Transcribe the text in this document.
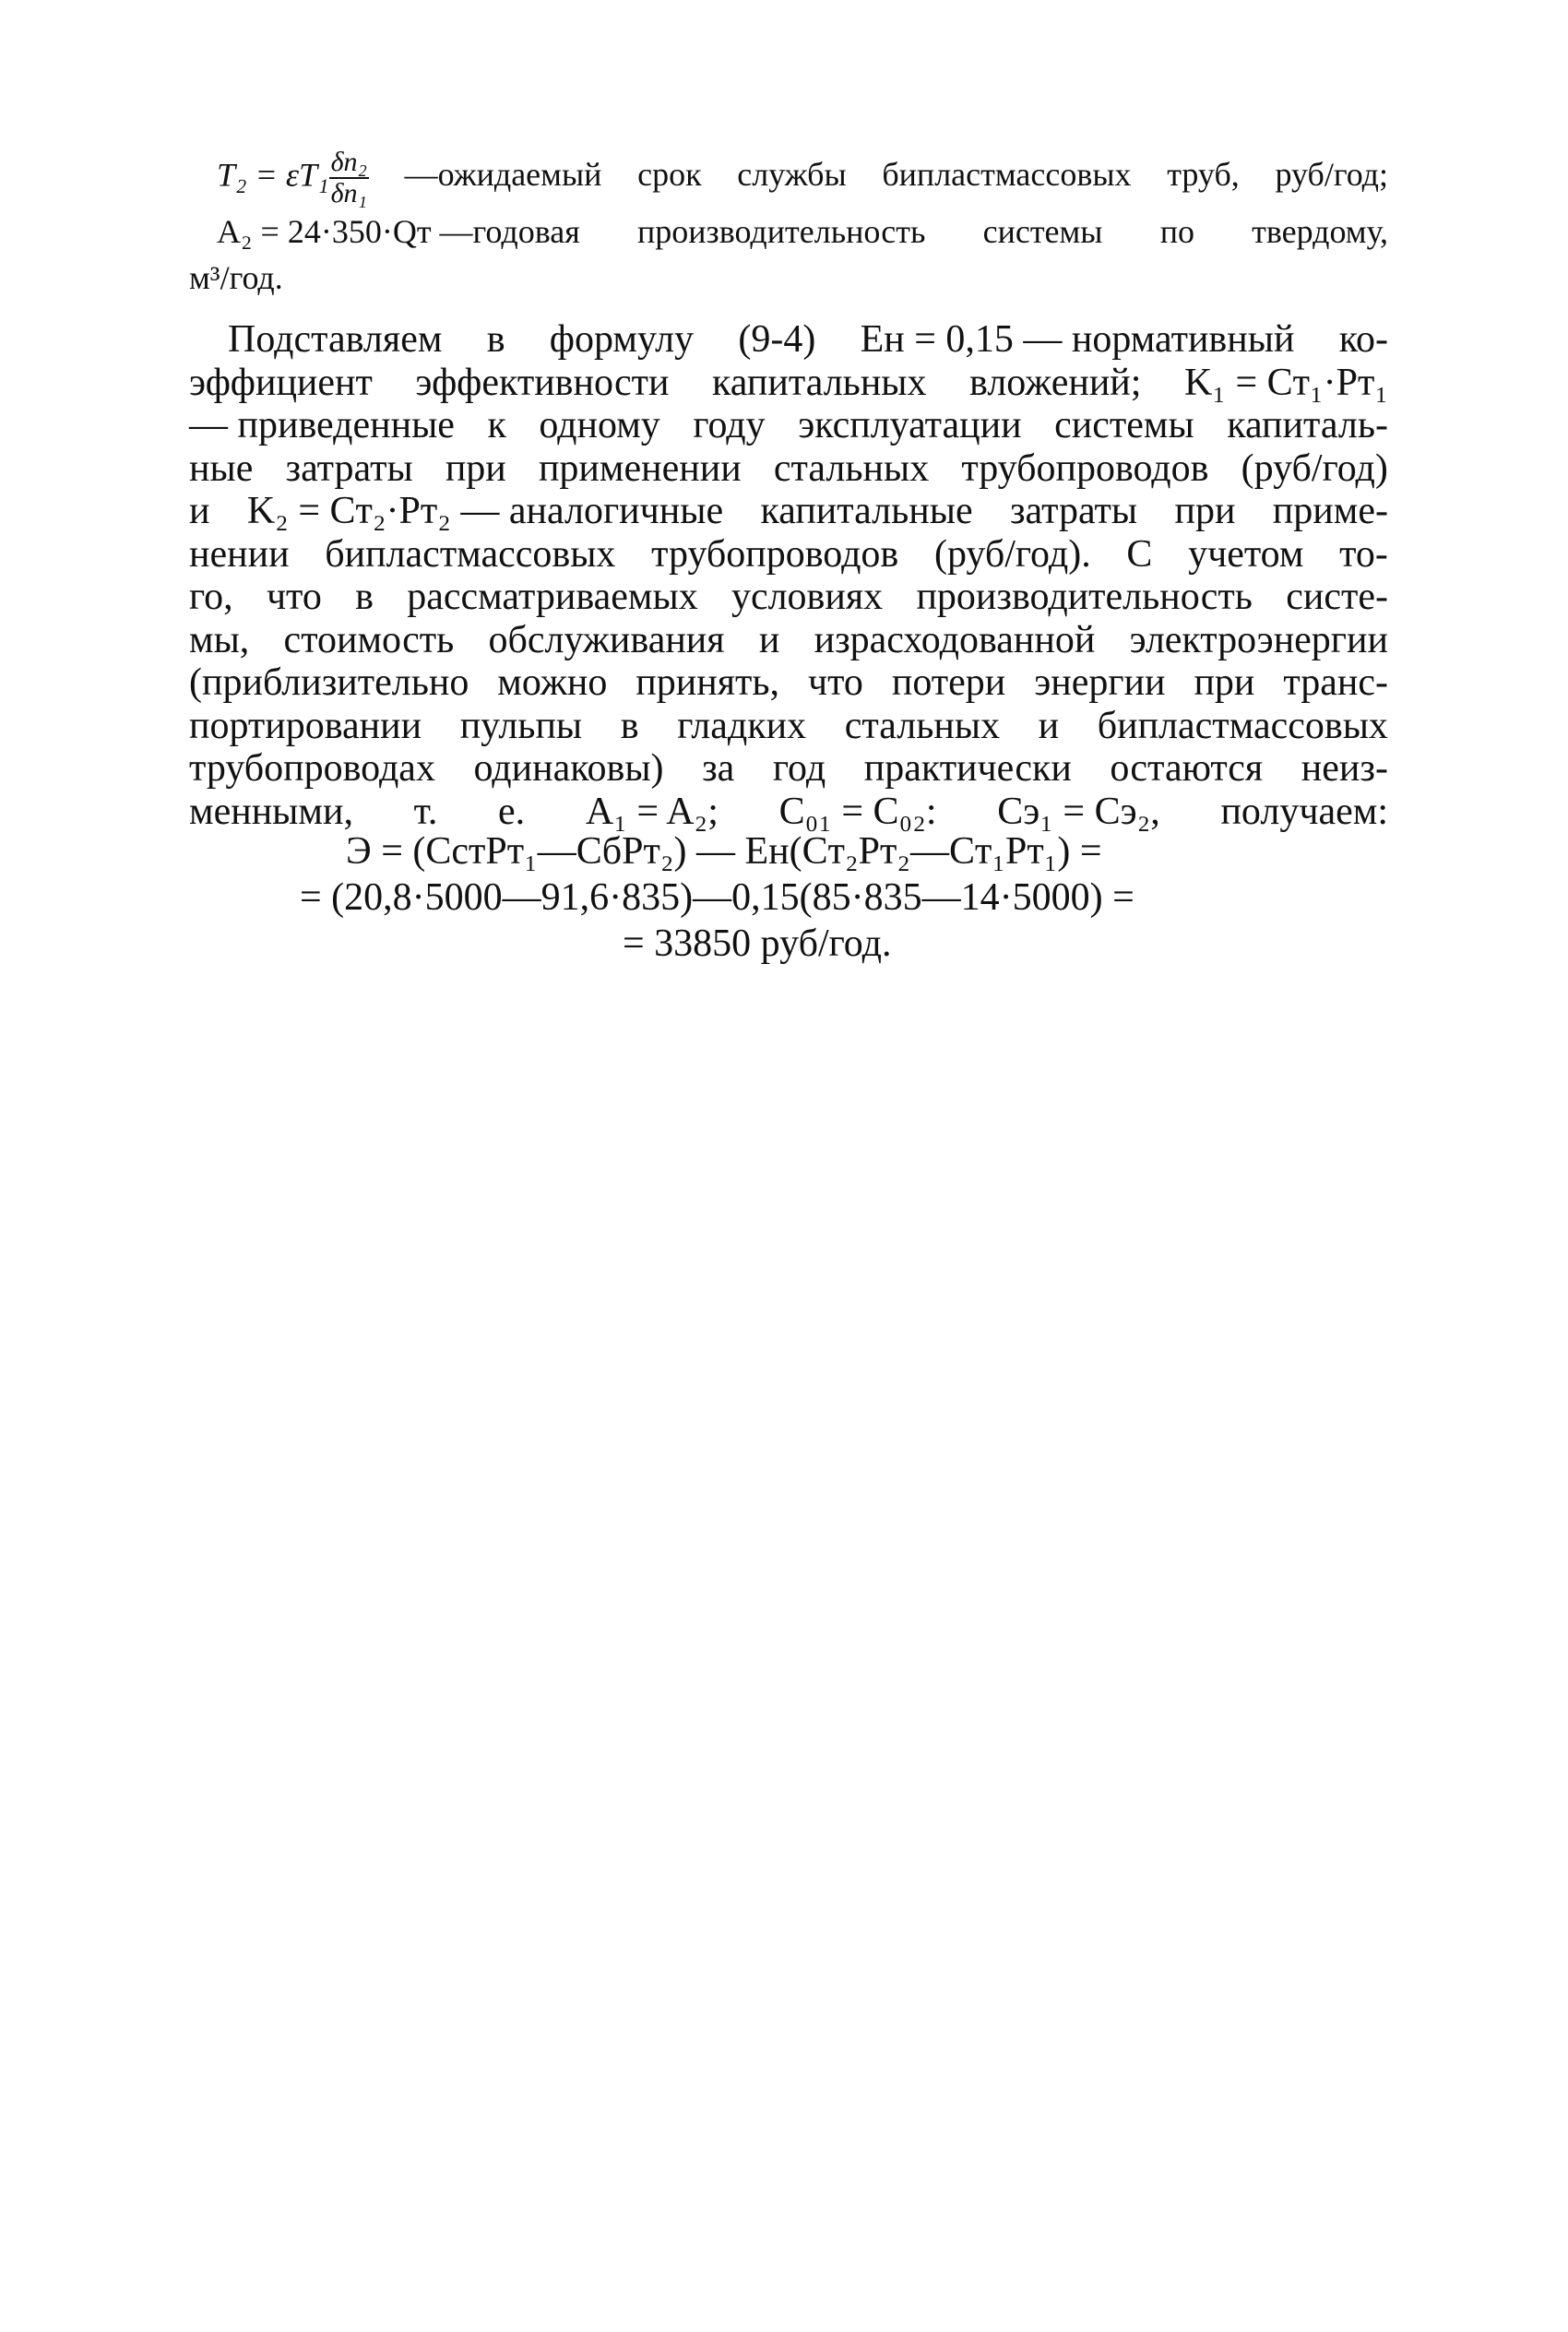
$T_2 = \varepsilon T_1 \frac{\text{δn₂}}{\text{δn₁}}$ —ожидаемый срок службы бипластмассовых труб, руб/год;
A₂ = 24·350·Qт —годовая производительность системы по твердому,
м³/год.
Подставляем в формулу (9-4) Eн = 0,15 — нормативный ко-
эффициент эффективности капитальных вложений; K₁ = Cт₁·Pт₁
— приведенные к одному году эксплуатации системы капиталь-
ные затраты при применении стальных трубопроводов (руб/год)
и K₂ = Cт₂·Pт₂ — аналогичные капитальные затраты при приме-
нении бипластмассовых трубопроводов (руб/год). С учетом то-
го, что в рассматриваемых условиях производительность систе-
мы, стоимость обслуживания и израсходованной электроэнергии
(приблизительно можно принять, что потери энергии при транс-
портировании пульпы в гладких стальных и бипластмассовых
трубопроводах одинаковы) за год практически остаются неиз-
менными, т. е. A₁ = A₂; C₀₁ = C₀₂: Cэ₁ = Cэ₂, получаем:
Э = (CстPт₁—CбPт₂) — Eн(Cт₂Pт₂—Cт₁Pт₁) =
= (20,8·5000—91,6·835)—0,15(85·835—14·5000) =
= 33850 руб/год.
